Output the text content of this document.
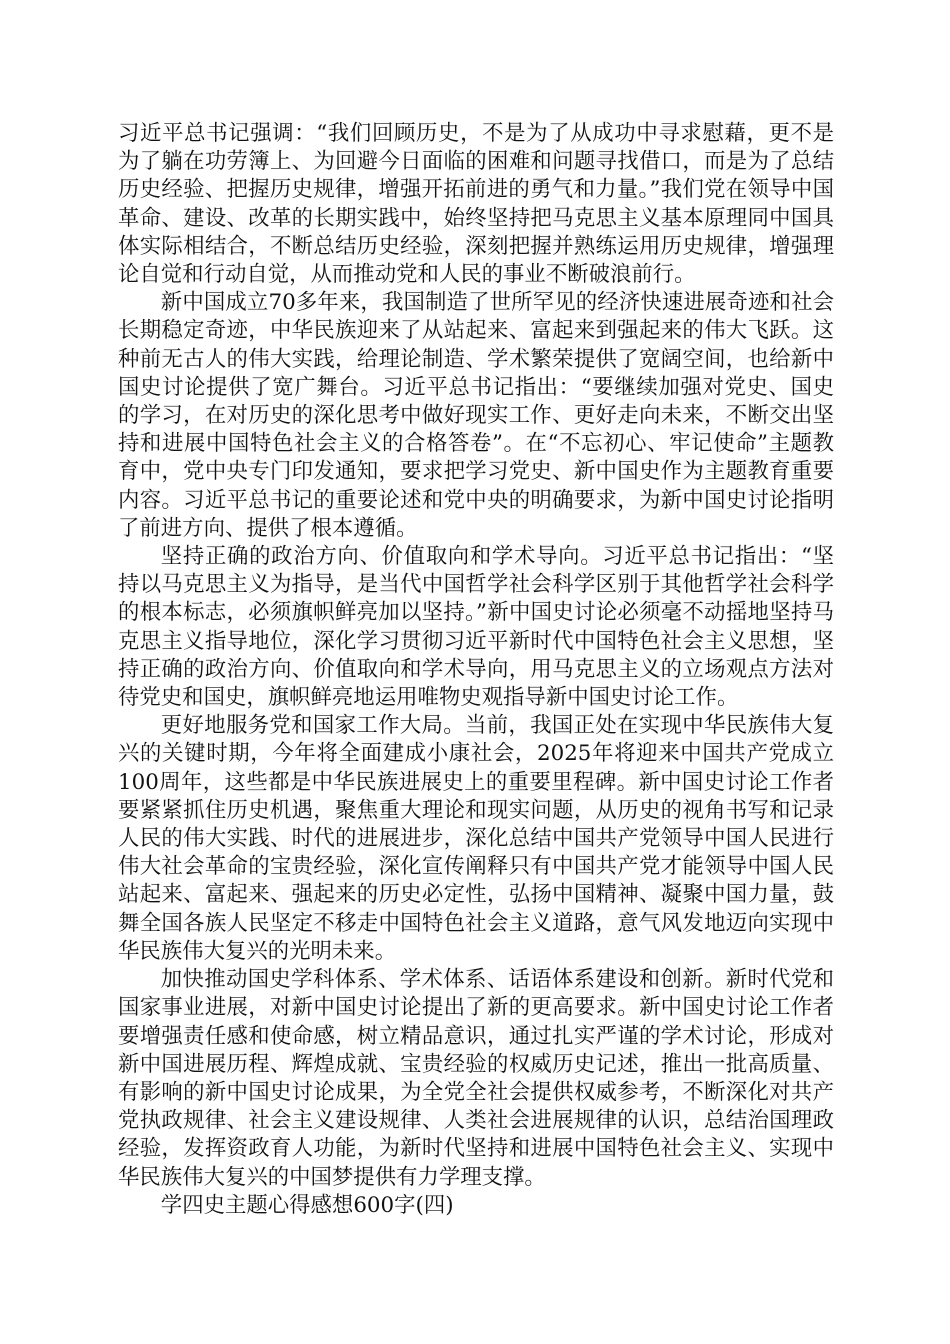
习近平总书记强调：“我们回顾历史，不是为了从成功中寻求慰藉，更不是为了躺在功劳簿上、为回避今日面临的困难和问题寻找借口，而是为了总结历史经验、把握历史规律，增强开拓前进的勇气和力量。”我们党在领导中国革命、建设、改革的长期实践中，始终坚持把马克思主义基本原理同中国具体实际相结合，不断总结历史经验，深刻把握并熟练运用历史规律，增强理论自觉和行动自觉，从而推动党和人民的事业不断破浪前行。

新中国成立70多年来，我国制造了世所罕见的经济快速进展奇迹和社会长期稳定奇迹，中华民族迎来了从站起来、富起来到强起来的伟大飞跃。这种前无古人的伟大实践，给理论制造、学术繁荣提供了宽阔空间，也给新中国史讨论提供了宽广舞台。习近平总书记指出：“要继续加强对党史、国史的学习，在对历史的深化思考中做好现实工作、更好走向未来，不断交出坚持和进展中国特色社会主义的合格答卷”。在“不忘初心、牢记使命”主题教育中，党中央专门印发通知，要求把学习党史、新中国史作为主题教育重要内容。习近平总书记的重要论述和党中央的明确要求，为新中国史讨论指明了前进方向、提供了根本遵循。

坚持正确的政治方向、价值取向和学术导向。习近平总书记指出：“坚持以马克思主义为指导，是当代中国哲学社会科学区别于其他哲学社会科学的根本标志，必须旗帜鲜亮加以坚持。”新中国史讨论必须毫不动摇地坚持马克思主义指导地位，深化学习贯彻习近平新时代中国特色社会主义思想，坚持正确的政治方向、价值取向和学术导向，用马克思主义的立场观点方法对待党史和国史，旗帜鲜亮地运用唯物史观指导新中国史讨论工作。

更好地服务党和国家工作大局。当前，我国正处在实现中华民族伟大复兴的关键时期，今年将全面建成小康社会，2025年将迎来中国共产党成立100周年，这些都是中华民族进展史上的重要里程碑。新中国史讨论工作者要紧紧抓住历史机遇，聚焦重大理论和现实问题，从历史的视角书写和记录人民的伟大实践、时代的进展进步，深化总结中国共产党领导中国人民进行伟大社会革命的宝贵经验，深化宣传阐释只有中国共产党才能领导中国人民站起来、富起来、强起来的历史必定性，弘扬中国精神、凝聚中国力量，鼓舞全国各族人民坚定不移走中国特色社会主义道路，意气风发地迈向实现中华民族伟大复兴的光明未来。

加快推动国史学科体系、学术体系、话语体系建设和创新。新时代党和国家事业进展，对新中国史讨论提出了新的更高要求。新中国史讨论工作者要增强责任感和使命感，树立精品意识，通过扎实严谨的学术讨论，形成对新中国进展历程、辉煌成就、宝贵经验的权威历史记述，推出一批高质量、有影响的新中国史讨论成果，为全党全社会提供权威参考，不断深化对共产党执政规律、社会主义建设规律、人类社会进展规律的认识，总结治国理政经验，发挥资政育人功能，为新时代坚持和进展中国特色社会主义、实现中华民族伟大复兴的中国梦提供有力学理支撑。

学四史主题心得感想600字(四)
